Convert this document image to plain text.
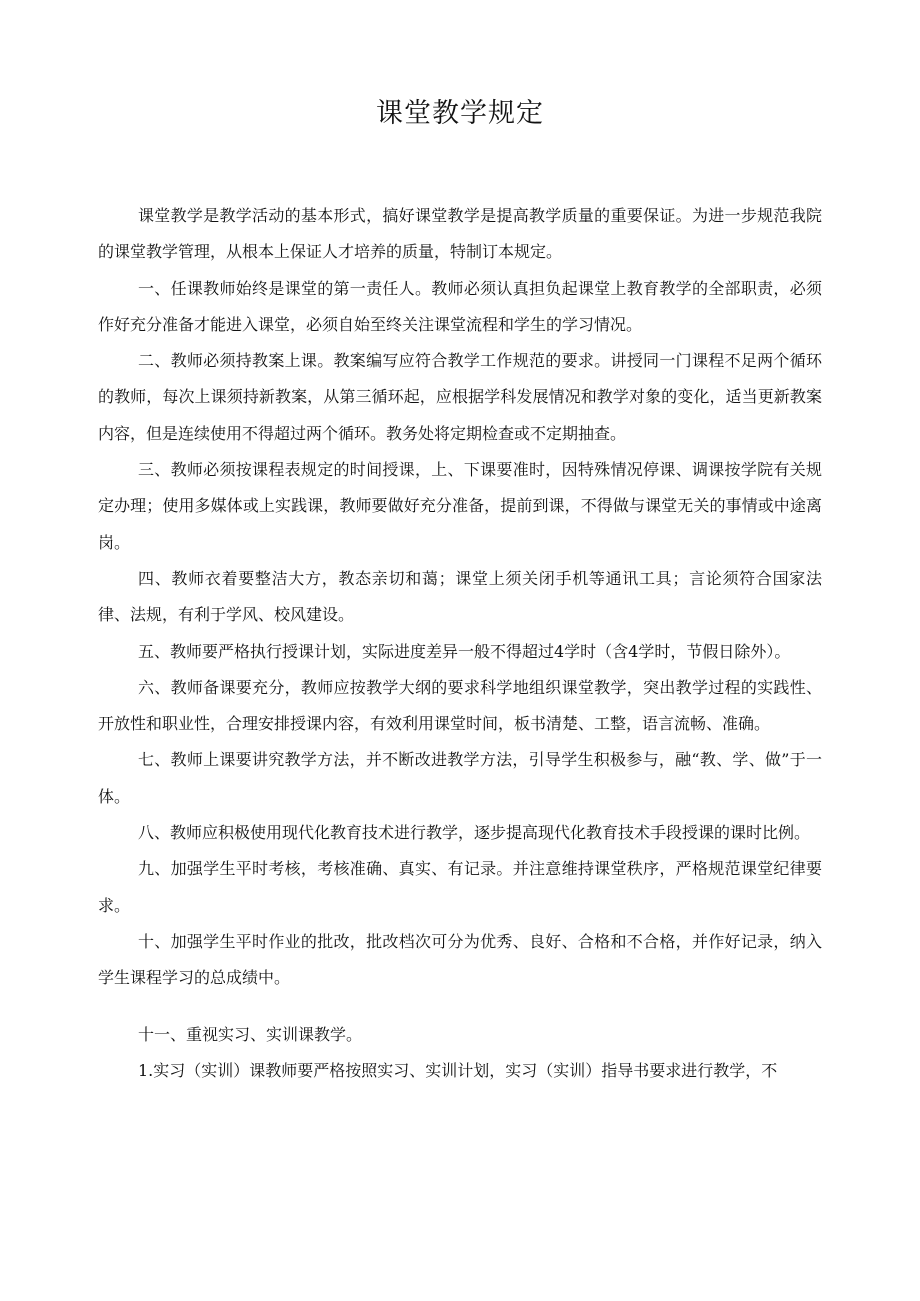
课堂教学规定

课堂教学是教学活动的基本形式，搞好课堂教学是提高教学质量的重要保证。为进一步规范我院的课堂教学管理，从根本上保证人才培养的质量，特制订本规定。

一、任课教师始终是课堂的第一责任人。教师必须认真担负起课堂上教育教学的全部职责，必须作好充分准备才能进入课堂，必须自始至终关注课堂流程和学生的学习情况。

二、教师必须持教案上课。教案编写应符合教学工作规范的要求。讲授同一门课程不足两个循环的教师，每次上课须持新教案，从第三循环起，应根据学科发展情况和教学对象的变化，适当更新教案内容，但是连续使用不得超过两个循环。教务处将定期检查或不定期抽查。

三、教师必须按课程表规定的时间授课，上、下课要准时，因特殊情况停课、调课按学院有关规定办理；使用多媒体或上实践课，教师要做好充分准备，提前到课，不得做与课堂无关的事情或中途离岗。

四、教师衣着要整洁大方，教态亲切和蔼；课堂上须关闭手机等通讯工具；言论须符合国家法律、法规，有利于学风、校风建设。

五、教师要严格执行授课计划，实际进度差异一般不得超过4学时（含4学时，节假日除外）。

六、教师备课要充分，教师应按教学大纲的要求科学地组织课堂教学，突出教学过程的实践性、开放性和职业性，合理安排授课内容，有效利用课堂时间，板书清楚、工整，语言流畅、准确。

七、教师上课要讲究教学方法，并不断改进教学方法，引导学生积极参与，融“教、学、做”于一体。

八、教师应积极使用现代化教育技术进行教学，逐步提高现代化教育技术手段授课的课时比例。

九、加强学生平时考核，考核准确、真实、有记录。并注意维持课堂秩序，严格规范课堂纪律要求。

十、加强学生平时作业的批改，批改档次可分为优秀、良好、合格和不合格，并作好记录，纳入学生课程学习的总成绩中。

十一、重视实习、实训课教学。

1.实习（实训）课教师要严格按照实习、实训计划，实习（实训）指导书要求进行教学，不
